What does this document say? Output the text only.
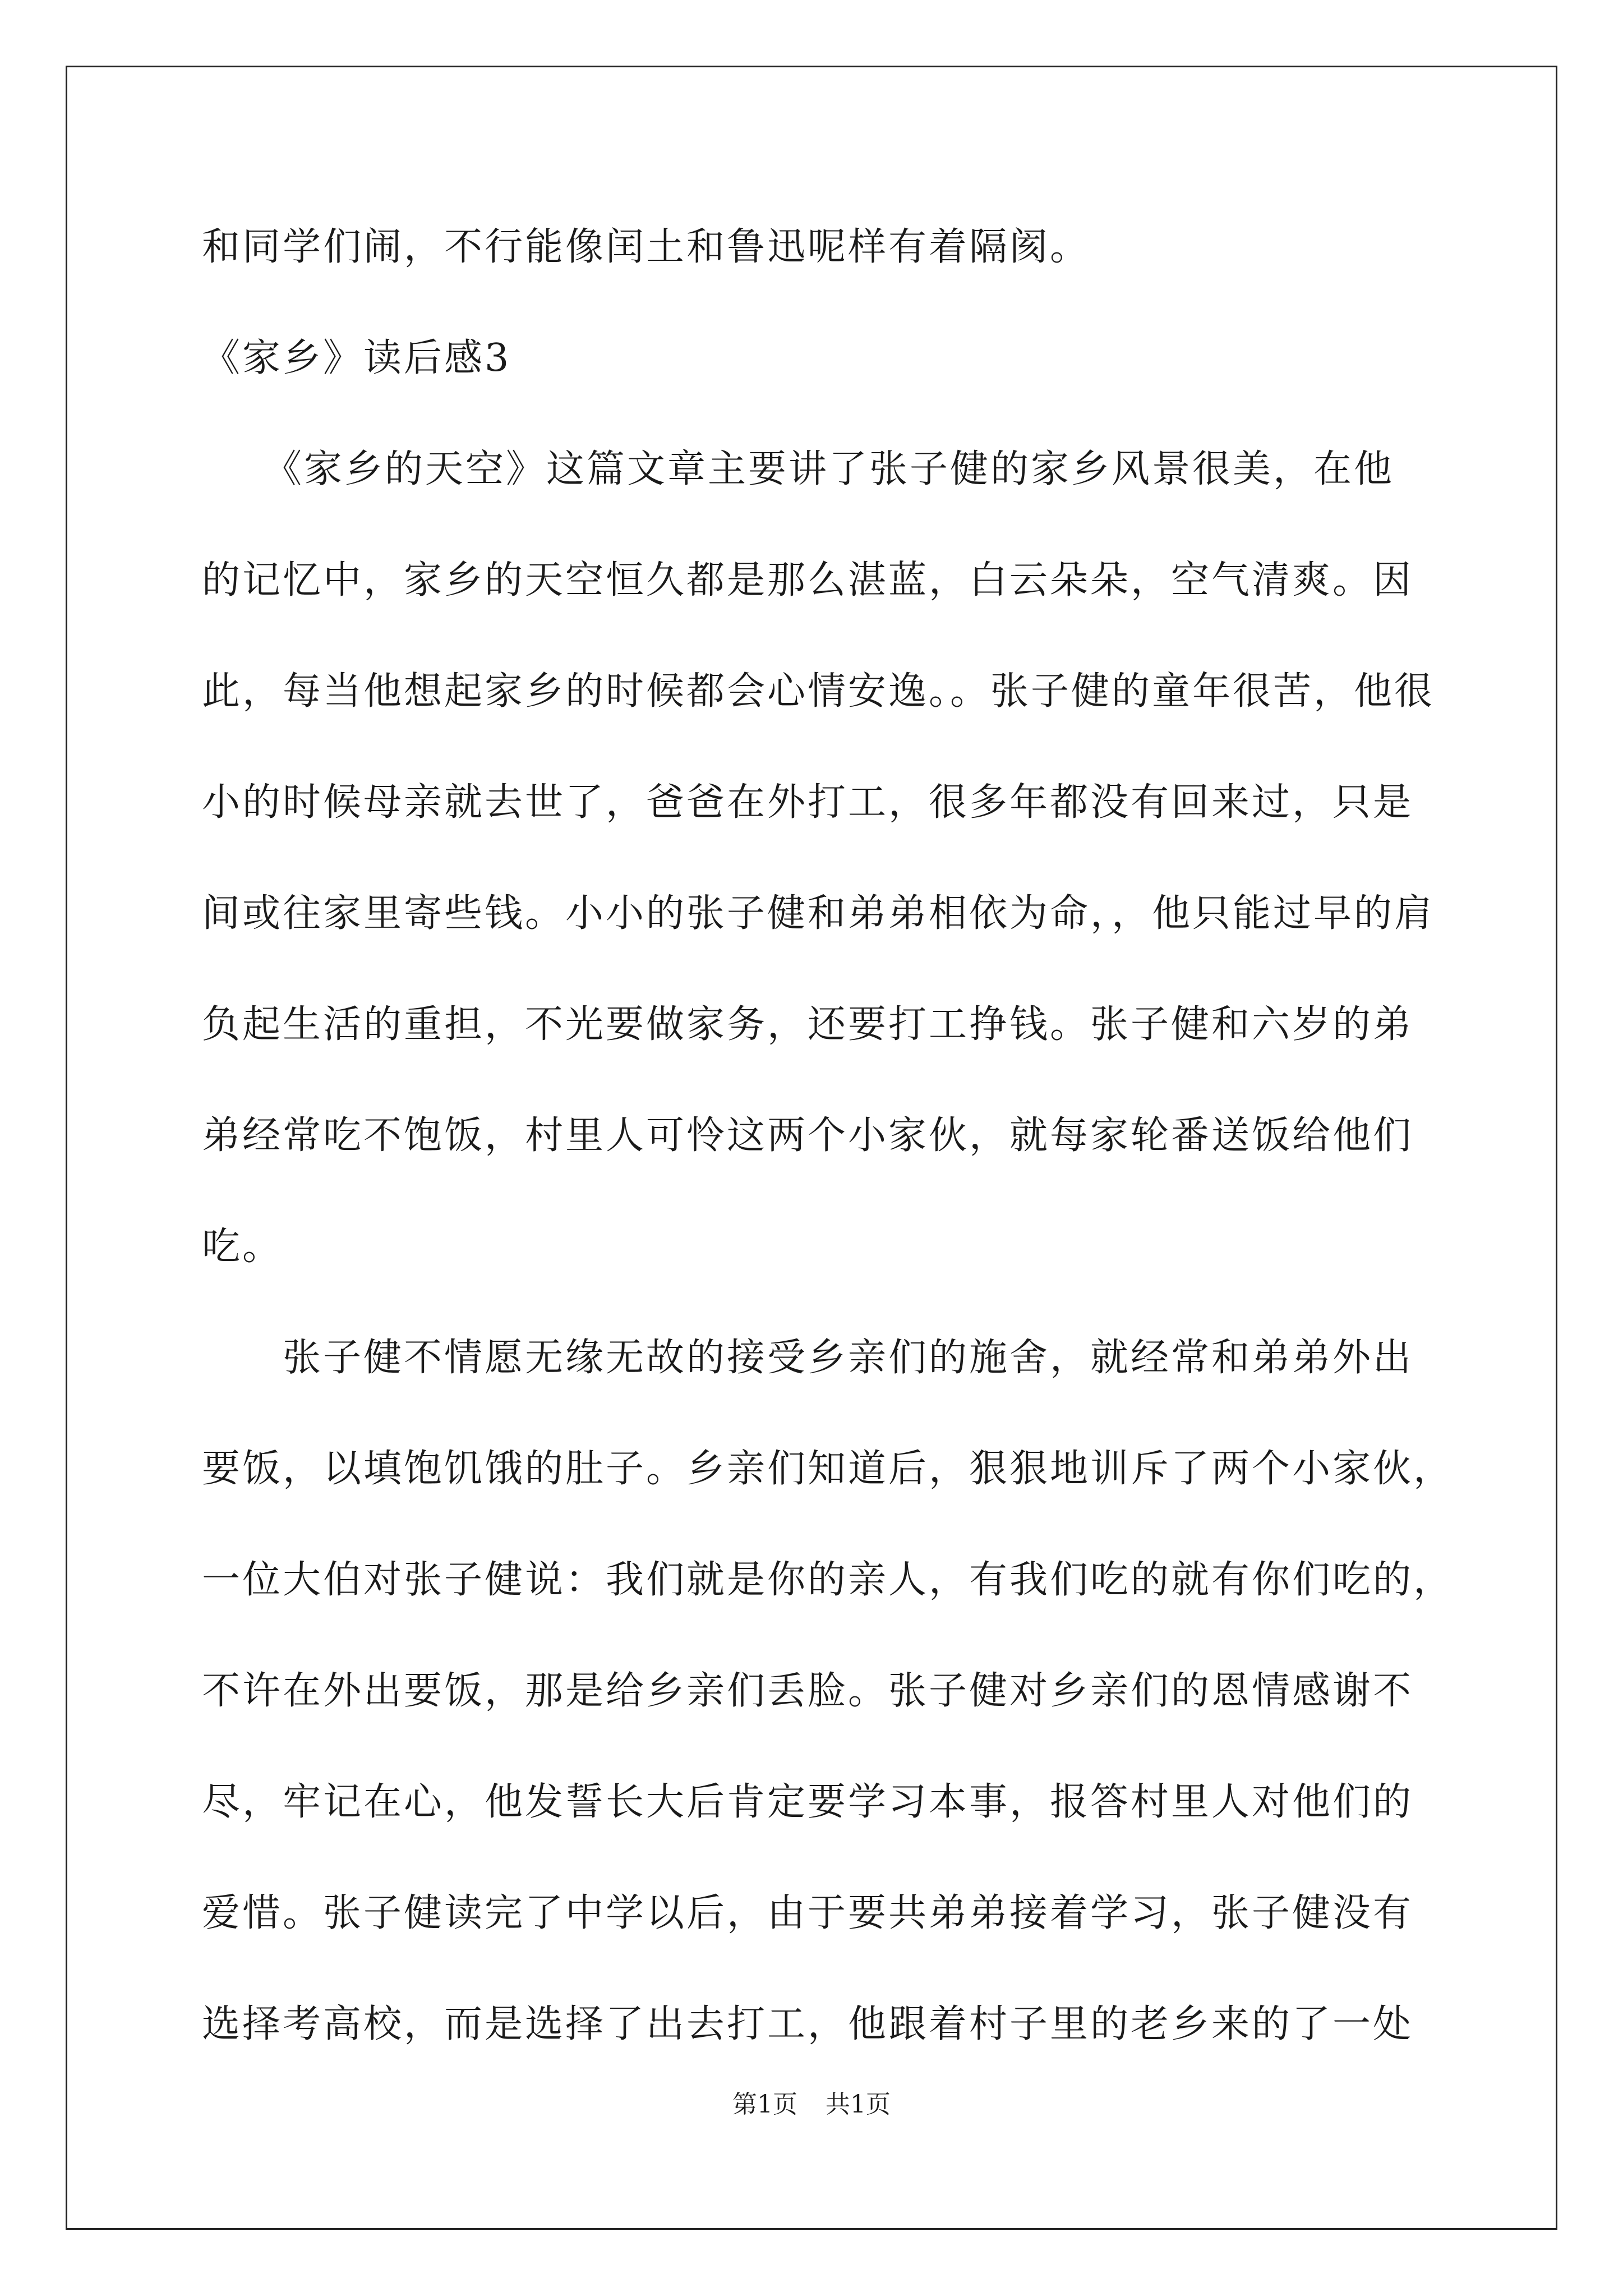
和同学们闹，不行能像闰土和鲁迅呢样有着隔阂。

《家乡》读后感3

　　《家乡的天空》这篇文章主要讲了张子健的家乡风景很美，在他

的记忆中，家乡的天空恒久都是那么湛蓝，白云朵朵，空气清爽。因

此，每当他想起家乡的时候都会心情安逸。。张子健的童年很苦，他很

小的时候母亲就去世了，爸爸在外打工，很多年都没有回来过，只是

间或往家里寄些钱。小小的张子健和弟弟相依为命，，他只能过早的肩

负起生活的重担，不光要做家务，还要打工挣钱。张子健和六岁的弟

弟经常吃不饱饭，村里人可怜这两个小家伙，就每家轮番送饭给他们

吃。

　　张子健不情愿无缘无故的接受乡亲们的施舍，就经常和弟弟外出

要饭，以填饱饥饿的肚子。乡亲们知道后，狠狠地训斥了两个小家伙，

一位大伯对张子健说：我们就是你的亲人，有我们吃的就有你们吃的，

不许在外出要饭，那是给乡亲们丢脸。张子健对乡亲们的恩情感谢不

尽，牢记在心，他发誓长大后肯定要学习本事，报答村里人对他们的

爱惜。张子健读完了中学以后，由于要共弟弟接着学习，张子健没有

选择考高校，而是选择了出去打工，他跟着村子里的老乡来的了一处

第1页 共1页
